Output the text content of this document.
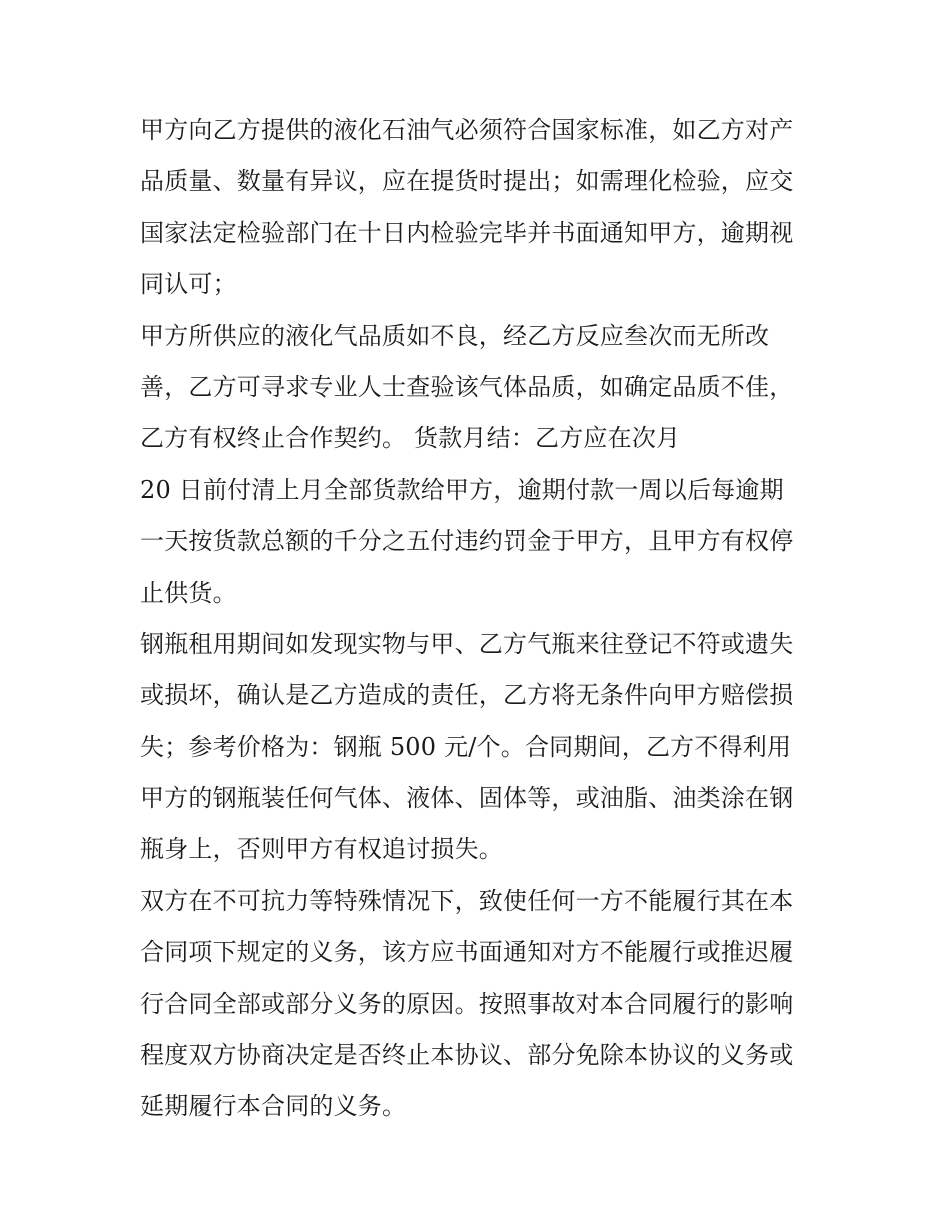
甲方向乙方提供的液化石油气必须符合国家标准，如乙方对产
品质量、数量有异议，应在提货时提出；如需理化检验，应交
国家法定检验部门在十日内检验完毕并书面通知甲方，逾期视
同认可；
甲方所供应的液化气品质如不良，经乙方反应叁次而无所改
善，乙方可寻求专业人士查验该气体品质，如确定品质不佳，
乙方有权终止合作契约。 货款月结：乙方应在次月
20 日前付清上月全部货款给甲方，逾期付款一周以后每逾期
一天按货款总额的千分之五付违约罚金于甲方，且甲方有权停
止供货。
钢瓶租用期间如发现实物与甲、乙方气瓶来往登记不符或遗失
或损坏，确认是乙方造成的责任，乙方将无条件向甲方赔偿损
失；参考价格为：钢瓶 500 元/个。合同期间，乙方不得利用
甲方的钢瓶装任何气体、液体、固体等，或油脂、油类涂在钢
瓶身上，否则甲方有权追讨损失。
双方在不可抗力等特殊情况下，致使任何一方不能履行其在本
合同项下规定的义务，该方应书面通知对方不能履行或推迟履
行合同全部或部分义务的原因。按照事故对本合同履行的影响
程度双方协商决定是否终止本协议、部分免除本协议的义务或
延期履行本合同的义务。
